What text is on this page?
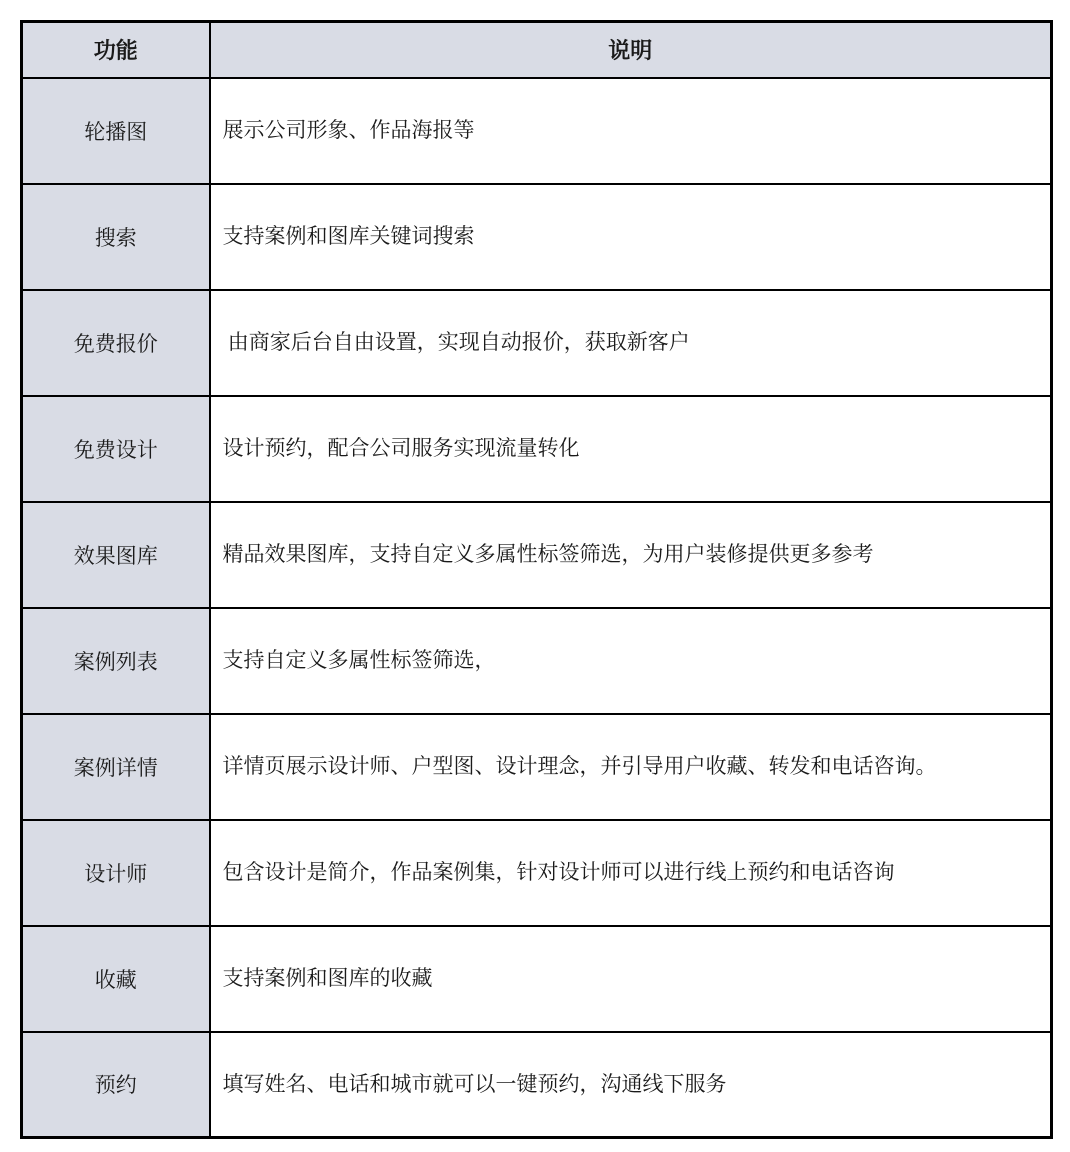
功能	说明
轮播图	展示公司形象、作品海报等
搜索	支持案例和图库关键词搜索
免费报价	由商家后台自由设置，实现自动报价，获取新客户
免费设计	设计预约，配合公司服务实现流量转化
效果图库	精品效果图库，支持自定义多属性标签筛选，为用户装修提供更多参考
案例列表	支持自定义多属性标签筛选，
案例详情	详情页展示设计师、户型图、设计理念，并引导用户收藏、转发和电话咨询。
设计师	包含设计是简介，作品案例集，针对设计师可以进行线上预约和电话咨询
收藏	支持案例和图库的收藏
预约	填写姓名、电话和城市就可以一键预约，沟通线下服务
